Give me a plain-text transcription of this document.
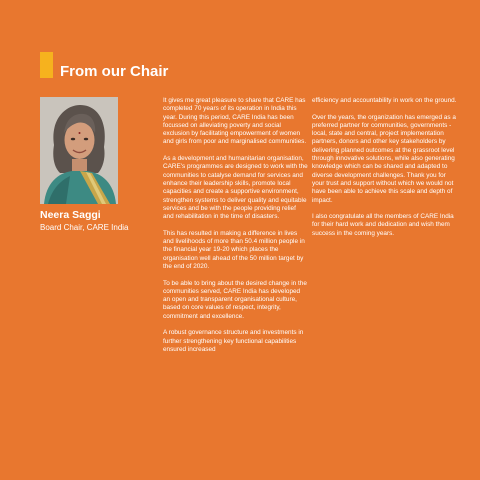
From our Chair
Neera Saggi
Board Chair, CARE India

It gives me great pleasure to share that CARE has completed 70 years of its operation in India this year. During this period, CARE India has been focussed on alleviating poverty and social exclusion by facilitating empowerment of women and girls from poor and marginalised communities.

As a development and humanitarian organisation, CARE's programmes are designed to work with the communities to catalyse demand for services and enhance their leadership skills, promote local capacities and create a supportive environment, strengthen systems to deliver quality and equitable services and be with the people providing relief and rehabilitation in the time of disasters.

This has resulted in making a difference in lives and livelihoods of more than 50.4 million people in the financial year 19-20 which places the organisation well ahead of the 50 million target by the end of 2020.

To be able to bring about the desired change in the communities served, CARE India has developed an open and transparent organisational culture, based on core values of respect, integrity, commitment and excellence.

A robust governance structure and investments in further strengthening key functional capabilities ensured increased

efficiency and accountability in work on the ground.

Over the years, the organization has emerged as a preferred partner for communities, governments -local, state and central, project implementation partners, donors and other key stakeholders by delivering planned outcomes at the grassroot level through innovative solutions, while also generating knowledge which can be shared and adapted to diverse development challenges. Thank you for your trust and support without which we would not have been able to achieve this scale and depth of impact.

I also congratulate all the members of CARE India for their hard work and dedication and wish them success in the coming years.
